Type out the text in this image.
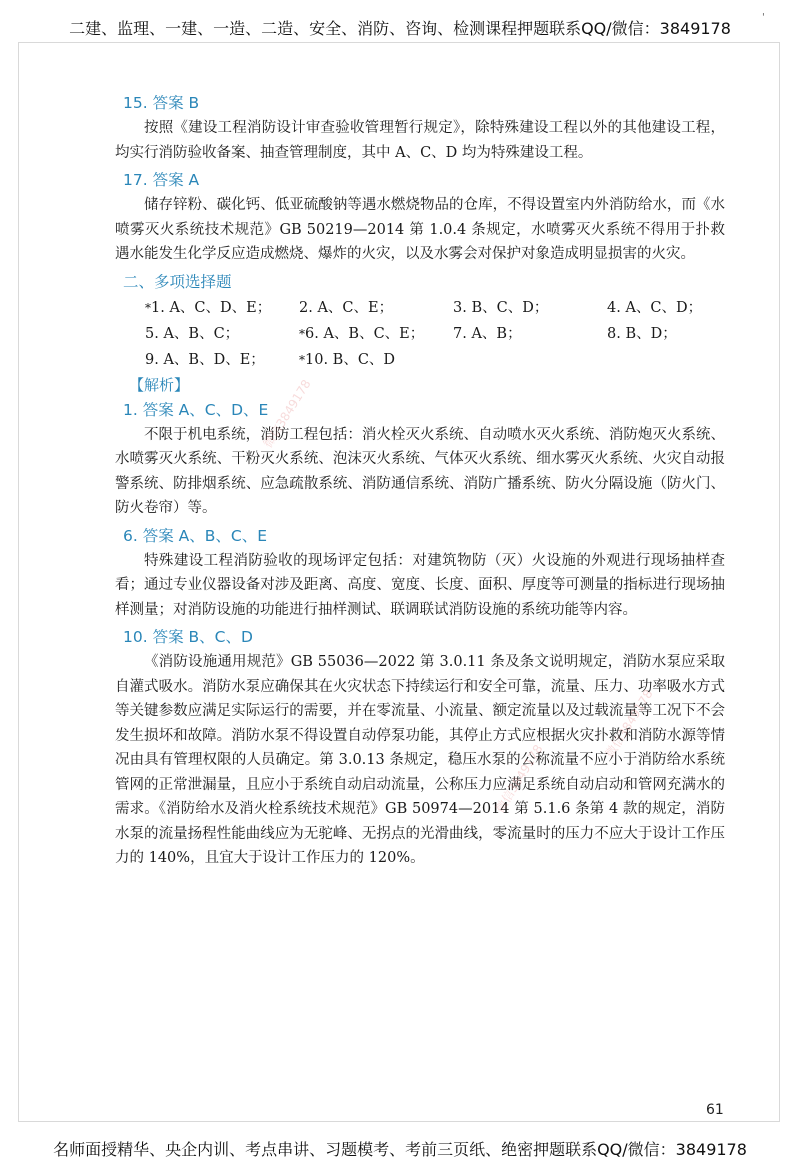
'
二建、监理、一建、一造、二造、安全、消防、咨询、检测课程押题联系QQ/微信：3849178
15. 答案 B

按照《建设工程消防设计审查验收管理暂行规定》，除特殊建设工程以外的其他建设工程，均实行消防验收备案、抽查管理制度，其中 A、C、D 均为特殊建设工程。

17. 答案 A

储存锌粉、碳化钙、低亚硫酸钠等遇水燃烧物品的仓库，不得设置室内外消防给水，而《水喷雾灭火系统技术规范》GB 50219—2014 第 1.0.4 条规定，水喷雾灭火系统不得用于扑救遇水能发生化学反应造成燃烧、爆炸的火灾，以及水雾会对保护对象造成明显损害的火灾。

二、多项选择题
*1. A、C、D、E；	2. A、C、E；	3. B、C、D；	4. A、C、D；
5. A、B、C；	*6. A、B、C、E；	7. A、B；	8. B、D；
9. A、B、D、E；	*10. B、C、D
【解析】
1. 答案 A、C、D、E

不限于机电系统，消防工程包括：消火栓灭火系统、自动喷水灭火系统、消防炮灭火系统、水喷雾灭火系统、干粉灭火系统、泡沫灭火系统、气体灭火系统、细水雾灭火系统、火灾自动报警系统、防排烟系统、应急疏散系统、消防通信系统、消防广播系统、防火分隔设施（防火门、防火卷帘）等。

6. 答案 A、B、C、E

特殊建设工程消防验收的现场评定包括：对建筑物防（灭）火设施的外观进行现场抽样查看；通过专业仪器设备对涉及距离、高度、宽度、长度、面积、厚度等可测量的指标进行现场抽样测量；对消防设施的功能进行抽样测试、联调联试消防设施的系统功能等内容。

10. 答案 B、C、D

《消防设施通用规范》GB 55036—2022 第 3.0.11 条及条文说明规定，消防水泵应采取自灌式吸水。消防水泵应确保其在火灾状态下持续运行和安全可靠，流量、压力、功率吸水方式等关键参数应满足实际运行的需要，并在零流量、小流量、额定流量以及过载流量等工况下不会发生损坏和故障。消防水泵不得设置自动停泵功能，其停止方式应根据火灾扑救和消防水源等情况由具有管理权限的人员确定。第 3.0.13 条规定，稳压水泵的公称流量不应小于消防给水系统管网的正常泄漏量，且应小于系统自动启动流量，公称压力应满足系统自动启动和管网充满水的需求。《消防给水及消火栓系统技术规范》GB 50974—2014 第 5.1.6 条第 4 款的规定，消防水泵的流量扬程性能曲线应为无驼峰、无拐点的光滑曲线，零流量时的压力不应大于设计工作压力的 140%，且宜大于设计工作压力的 120%。

微信3849178
微信3849178
微信3849178
61
名师面授精华、央企内训、考点串讲、习题模考、考前三页纸、绝密押题联系QQ/微信：3849178
